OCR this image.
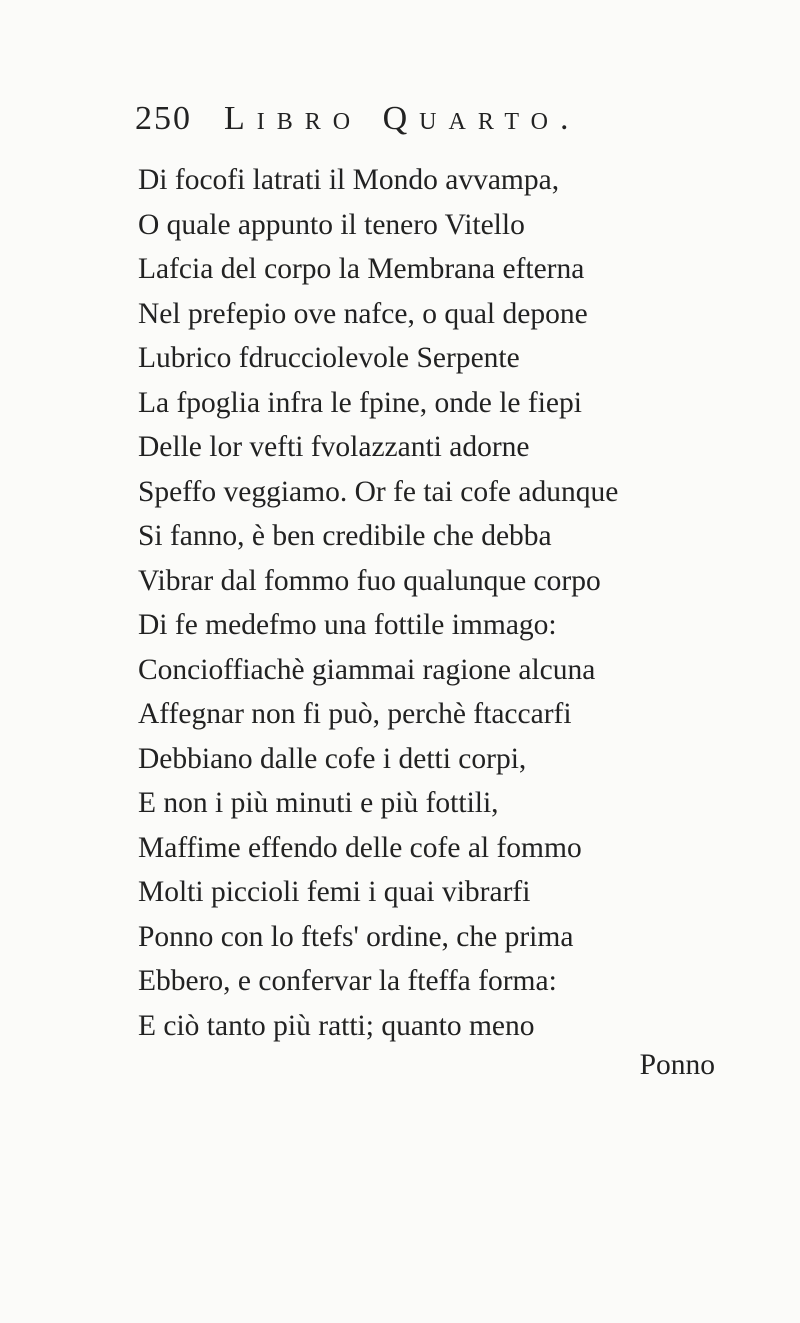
250 Libro Quarto.
Di focofi latrati il Mondo avvampa,
O quale appunto il tenero Vitello
Lafcia del corpo la Membrana efterna
Nel prefepio ove nafce, o qual depone
Lubrico fdrucciolevole Serpente
La fpoglia infra le fpine, onde le fiepi
Delle lor vefti fvolazzanti adorne
Speffo veggiamo. Or fe tai cofe adunque
Si fanno, è ben credibile che debba
Vibrar dal fommo fuo qualunque corpo
Di fe medefmo una fottile immago:
Concioffiachè giammai ragione alcuna
Affegnar non fi può, perchè ftaccarfi
Debbiano dalle cofe i detti corpi,
E non i più minuti e più fottili,
Maffime effendo delle cofe al fommo
Molti piccioli femi i quai vibrarfi
Ponno con lo ftefs' ordine, che prima
Ebbero, e confervar la fteffa forma:
E ciò tanto più ratti; quanto meno
Ponno
